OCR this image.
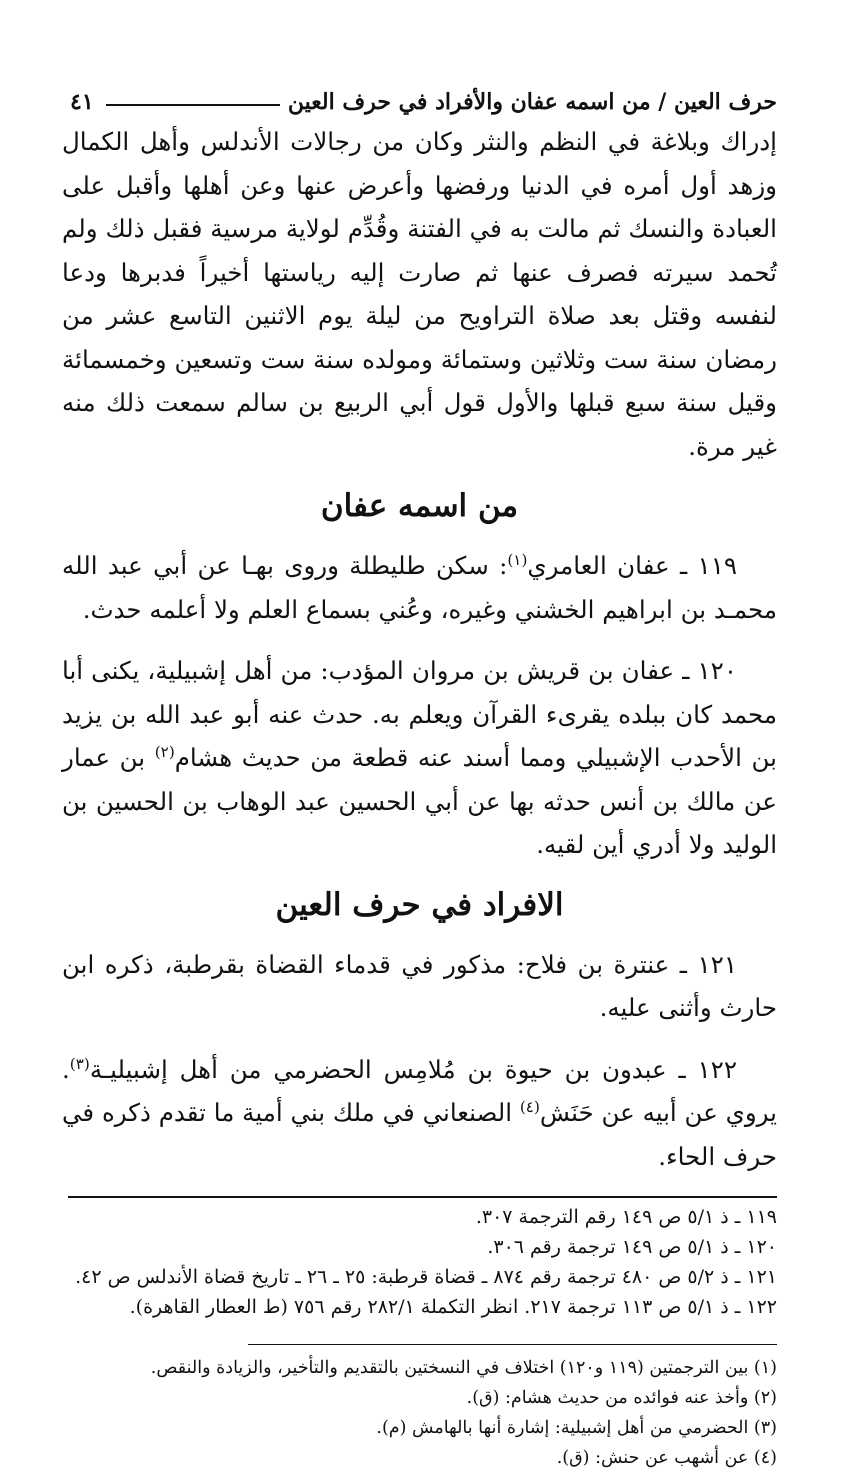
حرف العين / من اسمه عفان والأفراد في حرف العين
٤١

إدراك وبلاغة في النظم والنثر وكان من رجالات الأندلس وأهل الكمال وزهد أول أمره في الدنيا ورفضها وأعرض عنها وعن أهلها وأقبل على العبادة والنسك ثم مالت به في الفتنة وقُدِّم لولاية مرسية فقبل ذلك ولم تُحمد سيرته فصرف عنها ثم صارت إليه رياستها أخيراً فدبرها ودعا لنفسه وقتل بعد صلاة التراويح من ليلة يوم الاثنين التاسع عشر من رمضان سنة ست وثلاثين وستمائة ومولده سنة ست وتسعين وخمسمائة وقيل سنة سبع قبلها والأول قول أبي الربيع بن سالم سمعت ذلك منه غير مرة.

من اسمه عفان

١١٩ ـ عفان العامري$^{(١)}$: سكن طليطلة وروى بهـا عن أبي عبد الله محمـد بن ابراهيم الخشني وغيره، وعُني بسماع العلم ولا أعلمه حدث.

١٢٠ ـ عفان بن قريش بن مروان المؤدب: من أهل إشبيلية، يكنى أبا محمد كان ببلده يقرىء القرآن ويعلم به. حدث عنه أبو عبد الله بن يزيد بن الأحدب الإشبيلي ومما أسند عنه قطعة من حديث هشام$^{(٢)}$ بن عمار عن مالك بن أنس حدثه بها عن أبي الحسين عبد الوهاب بن الحسين بن الوليد ولا أدري أين لقيه.

الافراد في حرف العين

١٢١ ـ عنترة بن فلاح: مذكور في قدماء القضاة بقرطبة، ذكره ابن حارث وأثنى عليه.

١٢٢ ـ عبدون بن حيوة بن مُلامِس الحضرمي من أهل إشبيليـة$^{(٣)}$. يروي عن أبيه عن حَنَش$^{(٤)}$ الصنعاني في ملك بني أمية ما تقدم ذكره في حرف الحاء.

١١٩ ـ ذ ٥/١ ص ١٤٩ رقم الترجمة ٣٠٧.

١٢٠ ـ ذ ٥/١ ص ١٤٩ ترجمة رقم ٣٠٦.

١٢١ ـ ذ ٥/٢ ص ٤٨٠ ترجمة رقم ٨٧٤ ـ قضاة قرطبة: ٢٥ ـ ٢٦ ـ تاريخ قضاة الأندلس ص ٤٢.

١٢٢ ـ ذ ٥/١ ص ١١٣ ترجمة ٢١٧. انظر التكملة ٢٨٢/١ رقم ٧٥٦ (ط العطار القاهرة).

(١) بين الترجمتين (١١٩ و١٢٠) اختلاف في النسختين بالتقديم والتأخير، والزيادة والنقص.

(٢) وأخذ عنه فوائده من حديث هشام: (ق).

(٣) الحضرمي من أهل إشبيلية: إشارة أنها بالهامش (م).

(٤) عن أشهب عن حنش: (ق).
